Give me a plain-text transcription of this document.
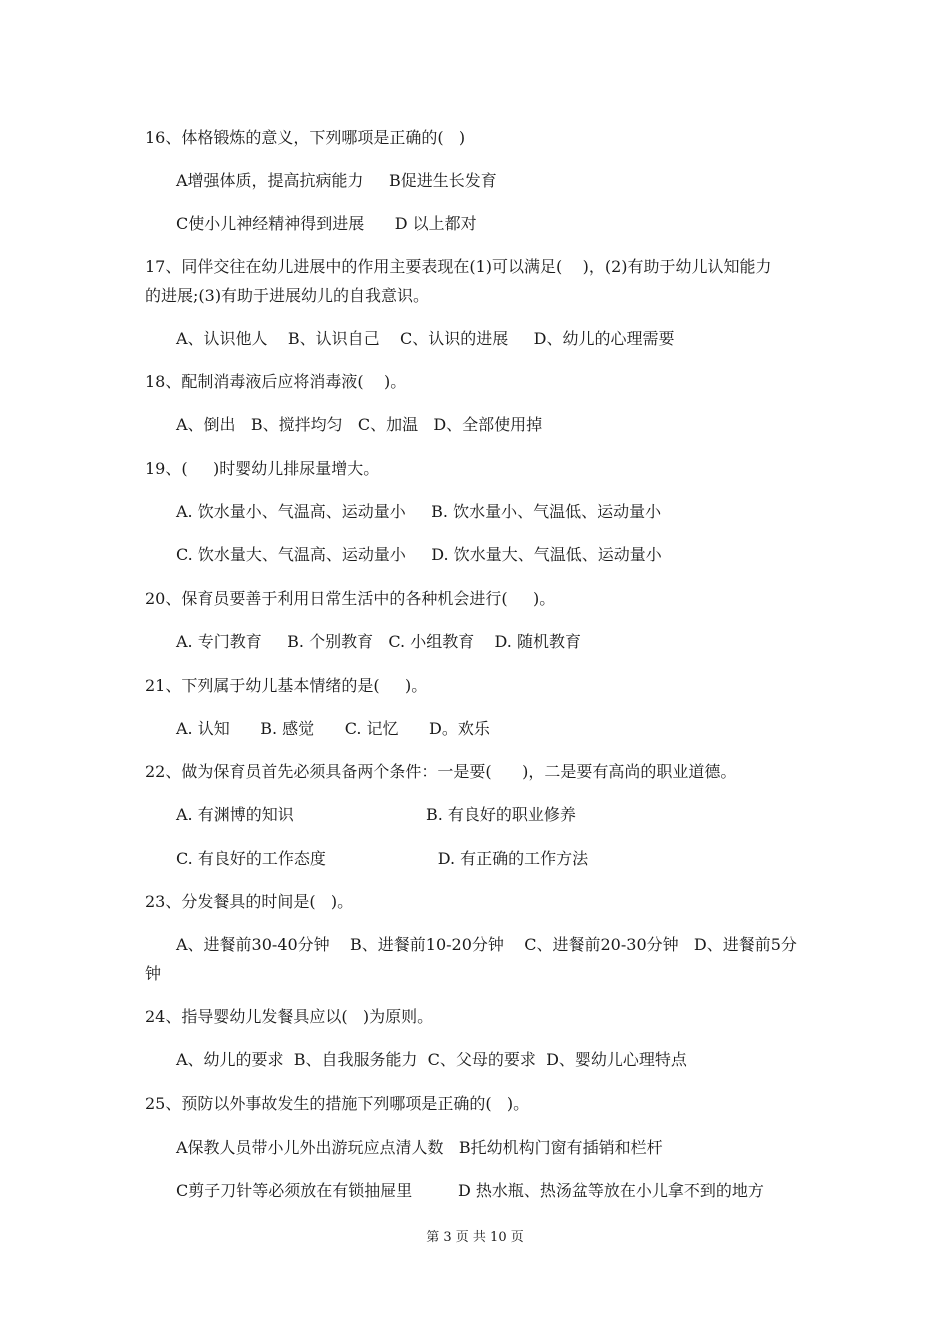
16、体格锻炼的意义，下列哪项是正确的(   )
A增强体质，提高抗病能力     B促进生长发育
C使小儿神经精神得到进展      D 以上都对
17、同伴交往在幼儿进展中的作用主要表现在(1)可以满足(    )，(2)有助于幼儿认知能力
的进展;(3)有助于进展幼儿的自我意识。
A、认识他人    B、认识自己    C、认识的进展     D、幼儿的心理需要
18、配制消毒液后应将消毒液(    )。
A、倒出   B、搅拌均匀   C、加温   D、全部使用掉
19、(     )时婴幼儿排尿量增大。
A. 饮水量小、气温高、运动量小     B. 饮水量小、气温低、运动量小
C. 饮水量大、气温高、运动量小     D. 饮水量大、气温低、运动量小
20、保育员要善于利用日常生活中的各种机会进行(     )。
A. 专门教育     B. 个别教育   C. 小组教育    D. 随机教育
21、下列属于幼儿基本情绪的是(     )。
A. 认知      B. 感觉      C. 记忆      D。欢乐
22、做为保育员首先必须具备两个条件：一是要(      )，二是要有高尚的职业道德。
A. 有渊博的知识                          B. 有良好的职业修养
C. 有良好的工作态度                      D. 有正确的工作方法
23、分发餐具的时间是(   )。
A、进餐前30-40分钟    B、进餐前10-20分钟    C、进餐前20-30分钟   D、进餐前5分
钟
24、指导婴幼儿发餐具应以(   )为原则。
A、幼儿的要求  B、自我服务能力  C、父母的要求  D、婴幼儿心理特点
25、预防以外事故发生的措施下列哪项是正确的(   )。
A保教人员带小儿外出游玩应点清人数   B托幼机构门窗有插销和栏杆
C剪子刀针等必须放在有锁抽屉里         D 热水瓶、热汤盆等放在小儿拿不到的地方
第 3 页 共 10 页
